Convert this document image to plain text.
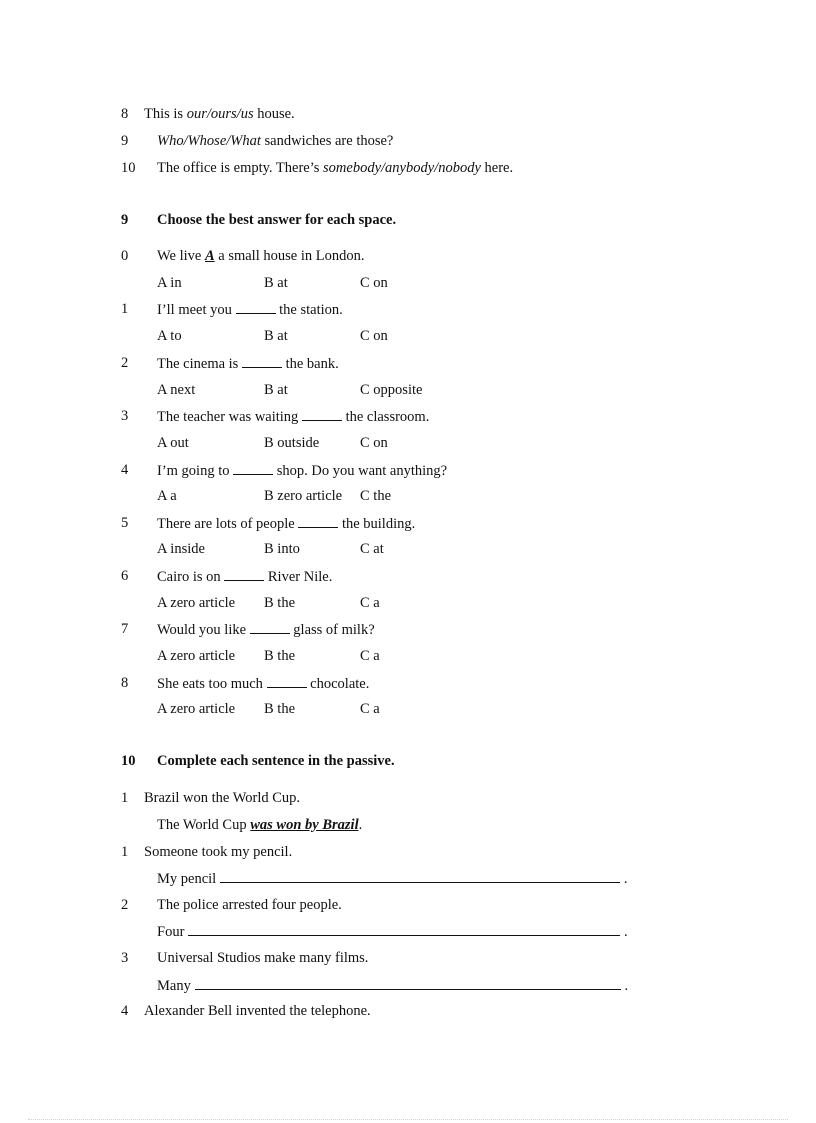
8 This is our/ours/us house.
9 Who/Whose/What sandwiches are those?
10 The office is empty. There’s somebody/anybody/nobody here.
9 Choose the best answer for each space.
0 We live A a small house in London.
A in	B at	C on
1 I’ll meet you	the station.
A to	B at	C on
2 The cinema is	the bank.
A next	B at	C opposite
3 The teacher was waiting	the classroom.
A out	B outside	C on
4 I’m going to	shop. Do you want anything?
A a	B zero article C the
5 There are lots of people	the building.
A inside	B into	C at
6 Cairo is on	River Nile.
A zero article B the	C a
7 Would you like	glass of milk?
A zero article B the	C a
8 She eats too much	chocolate.
A zero article B the	C a
10 Complete each sentence in the passive.
1 Brazil won the World Cup.
The World Cup was won by Brazil.
1 Someone took my pencil.
My pencil	.
2 The police arrested four people.
Four	.
3 Universal Studios make many films.
Many	.
4 Alexander Bell invented the telephone.
